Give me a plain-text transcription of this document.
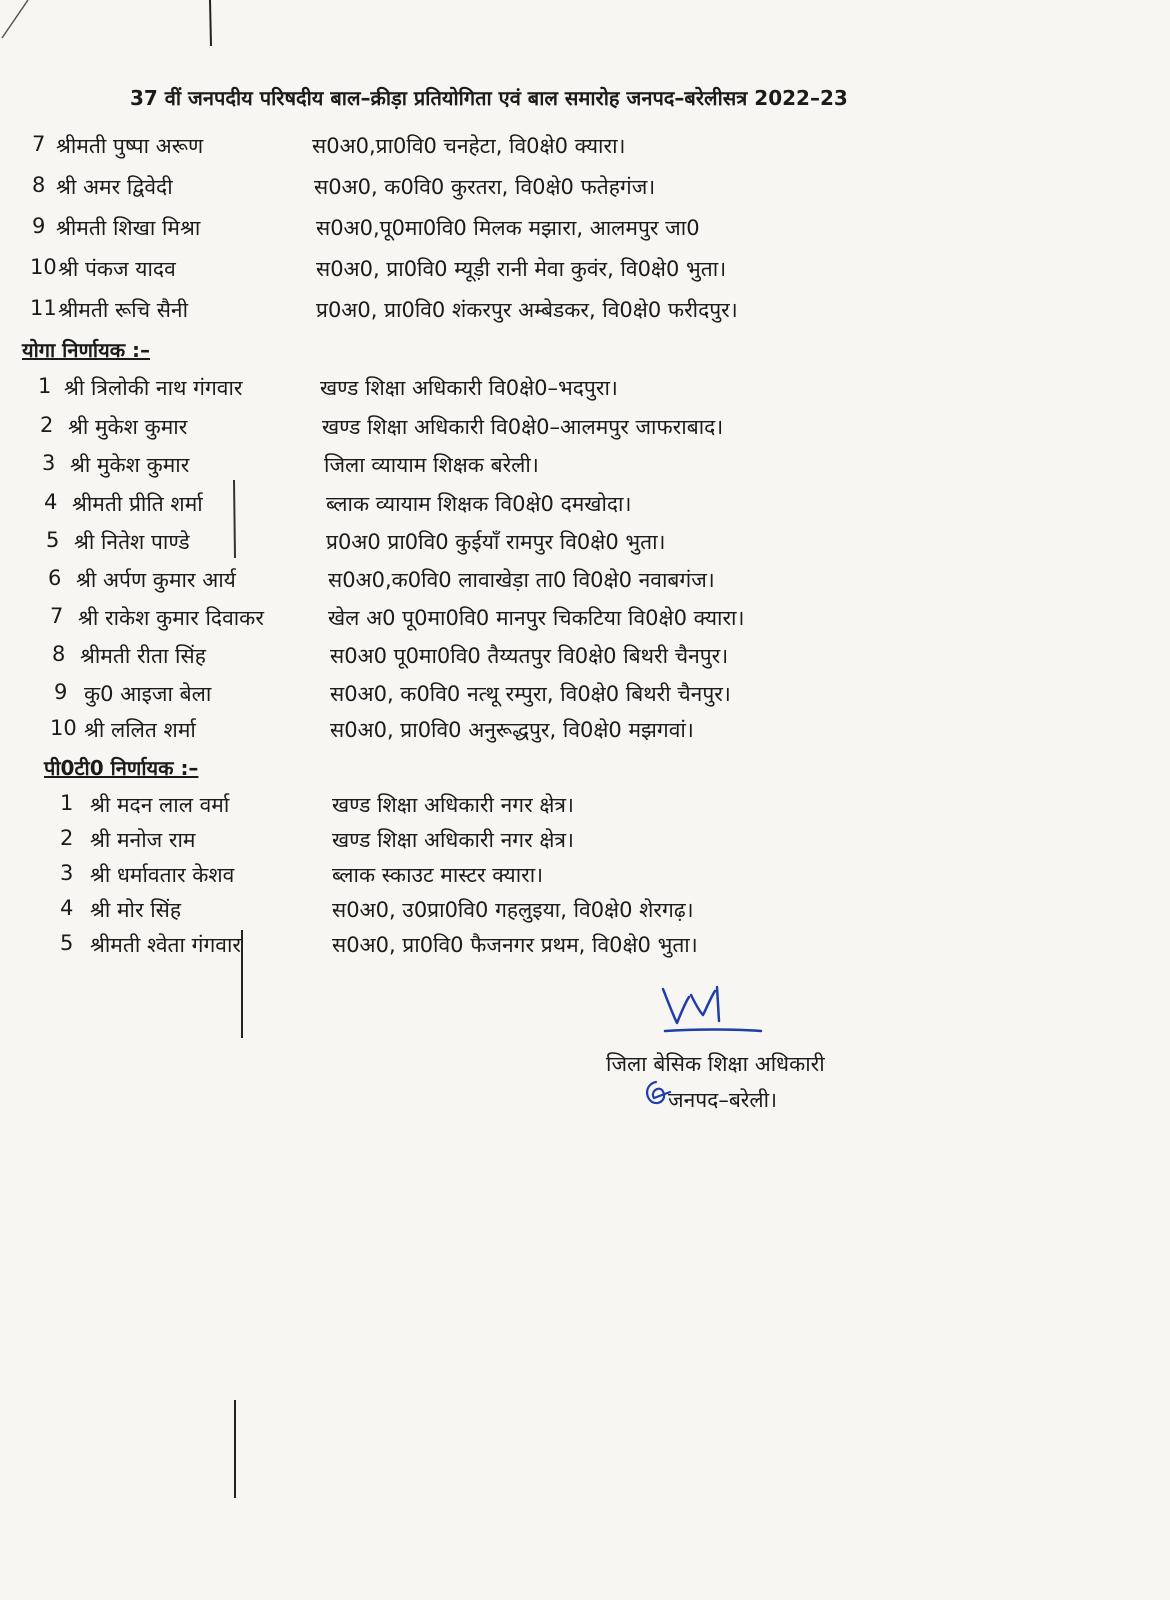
37 वीं जनपदीय परिषदीय बाल–क्रीड़ा प्रतियोगिता एवं बाल समारोह जनपद–बरेलीसत्र 2022–23
7 श्रीमती पुष्पा अरूण	स0अ0,प्रा0वि0 चनहेटा, वि0क्षे0 क्यारा।
8 श्री अमर द्विवेदी	स0अ0, क0वि0 कुरतरा, वि0क्षे0 फतेहगंज।
9 श्रीमती शिखा मिश्रा	स0अ0,पू0मा0वि0 मिलक मझारा, आलमपुर जा0
10 श्री पंकज यादव	स0अ0, प्रा0वि0 म्यूड़ी रानी मेवा कुवंर, वि0क्षे0 भुता।
11 श्रीमती रूचि सैनी	प्र0अ0, प्रा0वि0 शंकरपुर अम्बेडकर, वि0क्षे0 फरीदपुर।
योगा निर्णायक :–
1 श्री त्रिलोकी नाथ गंगवार	खण्ड शिक्षा अधिकारी वि0क्षे0–भदपुरा।
2 श्री मुकेश कुमार	खण्ड शिक्षा अधिकारी वि0क्षे0–आलमपुर जाफराबाद।
3 श्री मुकेश कुमार	जिला व्यायाम शिक्षक बरेली।
4 श्रीमती प्रीति शर्मा	ब्लाक व्यायाम शिक्षक वि0क्षे0 दमखोदा।
5 श्री नितेश पाण्डे	प्र0अ0 प्रा0वि0 कुईयाँ रामपुर वि0क्षे0 भुता।
6 श्री अर्पण कुमार आर्य	स0अ0,क0वि0 लावाखेड़ा ता0 वि0क्षे0 नवाबगंज।
7 श्री राकेश कुमार दिवाकर	खेल अ0 पू0मा0वि0 मानपुर चिकटिया वि0क्षे0 क्यारा।
8 श्रीमती रीता सिंह	स0अ0 पू0मा0वि0 तैय्यतपुर वि0क्षे0 बिथरी चैनपुर।
9 कु0 आइजा बेला	स0अ0, क0वि0 नत्थू रम्पुरा, वि0क्षे0 बिथरी चैनपुर।
10 श्री ललित शर्मा	स0अ0, प्रा0वि0 अनुरूद्धपुर, वि0क्षे0 मझगवां।
पी0टी0 निर्णायक :–
1 श्री मदन लाल वर्मा	खण्ड शिक्षा अधिकारी नगर क्षेत्र।
2 श्री मनोज राम	खण्ड शिक्षा अधिकारी नगर क्षेत्र।
3 श्री धर्मावतार केशव	ब्लाक स्काउट मास्टर क्यारा।
4 श्री मोर सिंह	स0अ0, उ0प्रा0वि0 गहलुइया, वि0क्षे0 शेरगढ़।
5 श्रीमती श्वेता गंगवार	स0अ0, प्रा0वि0 फैजनगर प्रथम, वि0क्षे0 भुता।
जिला बेसिक शिक्षा अधिकारी
जनपद–बरेली।
